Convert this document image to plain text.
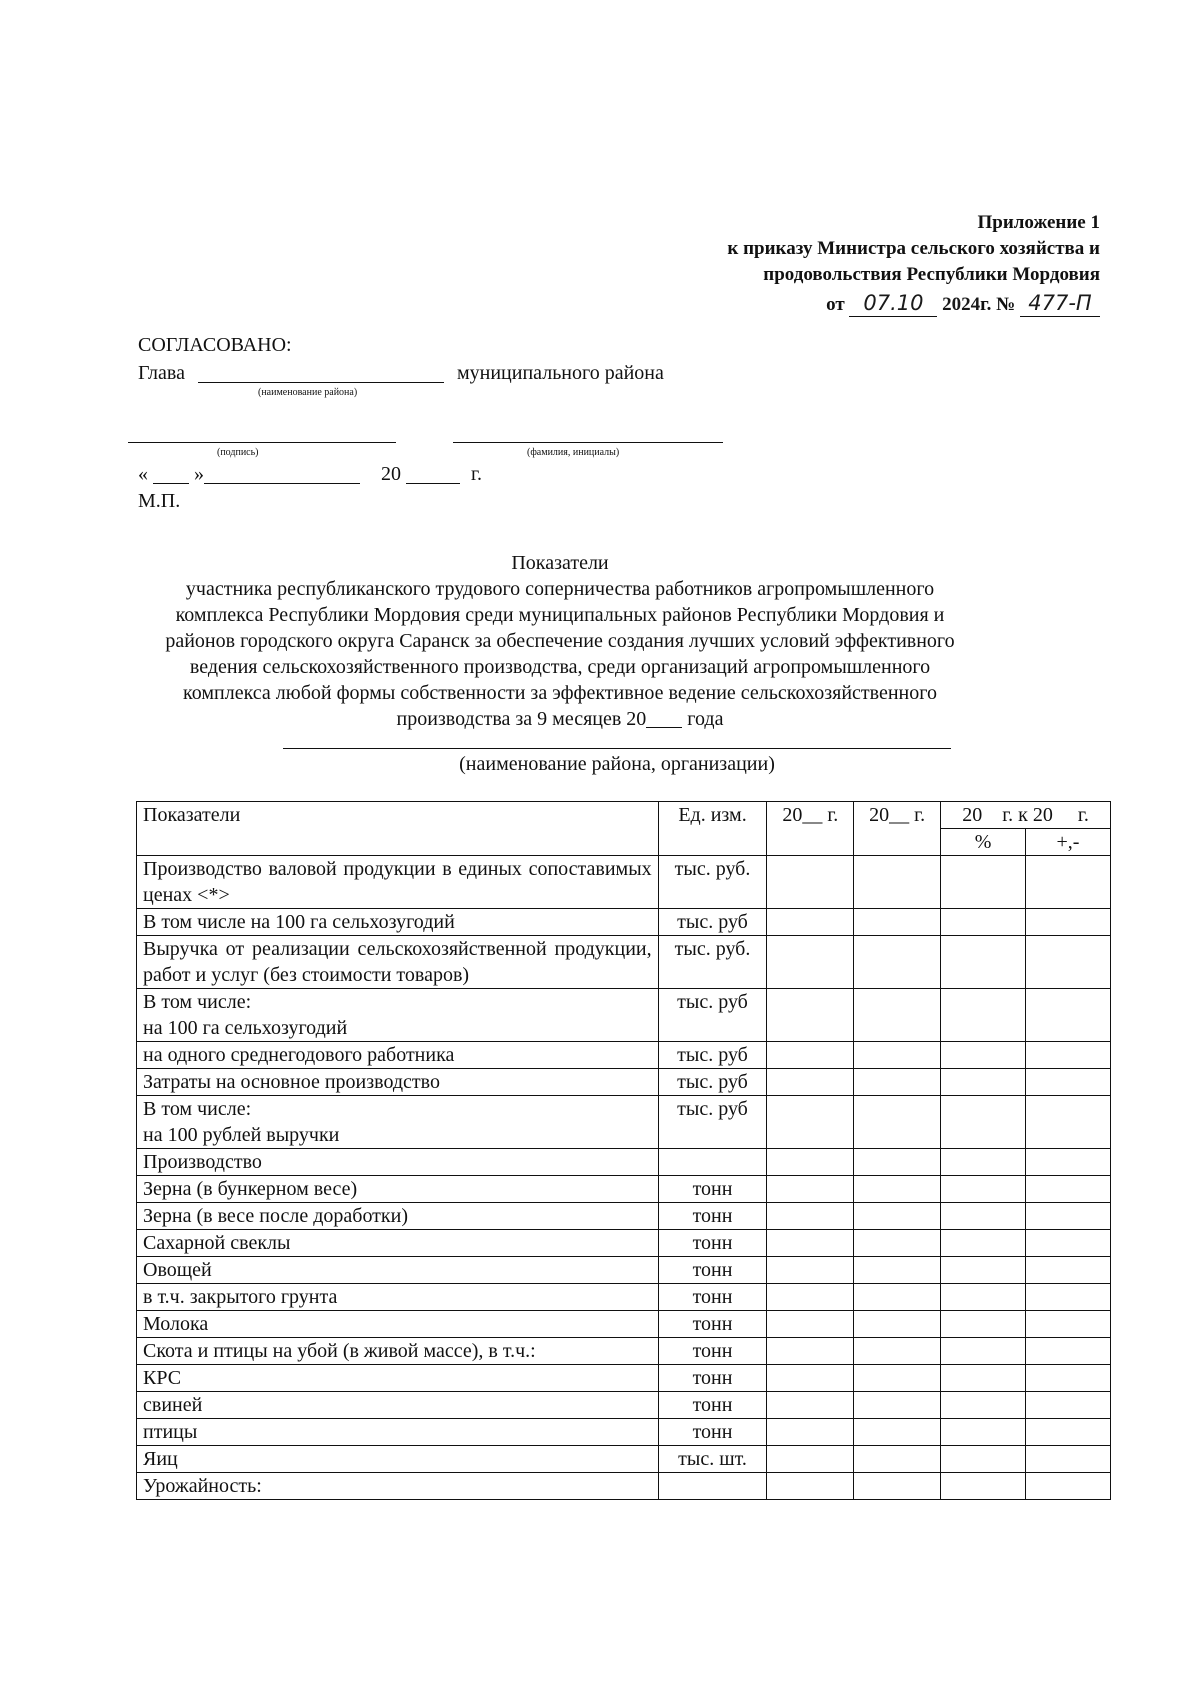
Приложение 1
к приказу Министра сельского хозяйства и
продовольствия Республики Мордовия
от 07.10 2024г. № 477-П
СОГЛАСОВАНО:
Глава	муниципального района
(наименование района)
(подпись)	(фамилия, инициалы)
« »	20	г.
М.П.
Показатели
участника республиканского трудового соперничества работников агропромышленного
комплекса Республики Мордовия среди муниципальных районов Республики Мордовия и
районов городского округа Саранск за обеспечение создания лучших условий эффективного
ведения сельскохозяйственного производства, среди организаций агропромышленного
комплекса любой формы собственности за эффективное ведение сельскохозяйственного
производства за 9 месяцев 20 года
(наименование района, организации)
Показатели	Ед. изм.	20__ г.	20__ г.	20    г. к 20     г.	
				%	+,-
Производство валовой продукции в единых сопоставимых ценах <*>	тыс. руб.				
В том числе на 100 га сельхозугодий	тыс. руб				
Выручка от реализации сельскохозяйственной продукции, работ и услуг (без стоимости товаров)	тыс. руб.				

В том числе:
на 100 га сельхозугодий	тыс. руб				
на одного среднегодового работника	тыс. руб				
Затраты на основное производство	тыс. руб				

В том числе:
на 100 рублей выручки	тыс. руб				
Производство					
Зерна (в бункерном весе)	тонн				
Зерна (в весе после доработки)	тонн				
Сахарной свеклы	тонн				
Овощей	тонн				
в т.ч. закрытого грунта	тонн				
Молока	тонн				
Скота и птицы на убой (в живой массе), в т.ч.:	тонн				
КРС	тонн				
свиней	тонн				
птицы	тонн				
Яиц	тыс. шт.				
Урожайность:					
